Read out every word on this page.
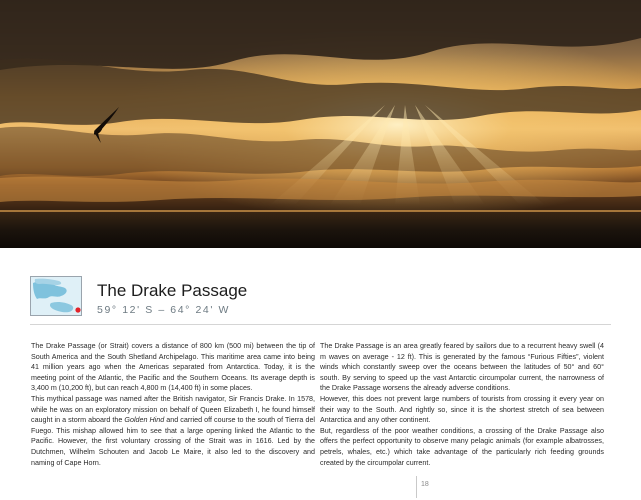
The Drake Passage
59° 12' S – 64° 24' W

The Drake Passage (or Strait) covers a distance of 800 km (500 mi) between the tip of South America and the South Shetland Archipelago. This maritime area came into being 41 million years ago when the Americas separated from Antarctica. Today, it is the meeting point of the Atlantic, the Pacific and the Southern Oceans. Its average depth is 3,400 m (10,200 ft), but can reach 4,800 m (14,400 ft) in some places.

This mythical passage was named after the British navigator, Sir Francis Drake. In 1578, while he was on an exploratory mission on behalf of Queen Elizabeth I, he found himself caught in a storm aboard the Golden Hind and carried off course to the south of Tierra del Fuego. This mishap allowed him to see that a large opening linked the Atlantic to the Pacific. However, the first voluntary crossing of the Strait was in 1616. Led by the Dutchmen, Wilhelm Schouten and Jacob Le Maire, it also led to the discovery and naming of Cape Horn.

The Drake Passage is an area greatly feared by sailors due to a recurrent heavy swell (4 m waves on average - 12 ft). This is generated by the famous “Furious Fifties”, violent winds which constantly sweep over the oceans between the latitudes of 50° and 60° south. By serving to speed up the vast Antarctic circumpolar current, the narrowness of the Drake Passage worsens the already adverse conditions.

However, this does not prevent large numbers of tourists from crossing it every year on their way to the South. And rightly so, since it is the shortest stretch of sea between Antarctica and any other continent.

But, regardless of the poor weather conditions, a crossing of the Drake Passage also offers the perfect opportunity to observe many pelagic animals (for example albatrosses, petrels, whales, etc.) which take advantage of the particularly rich feeding grounds created by the circumpolar current.

18
